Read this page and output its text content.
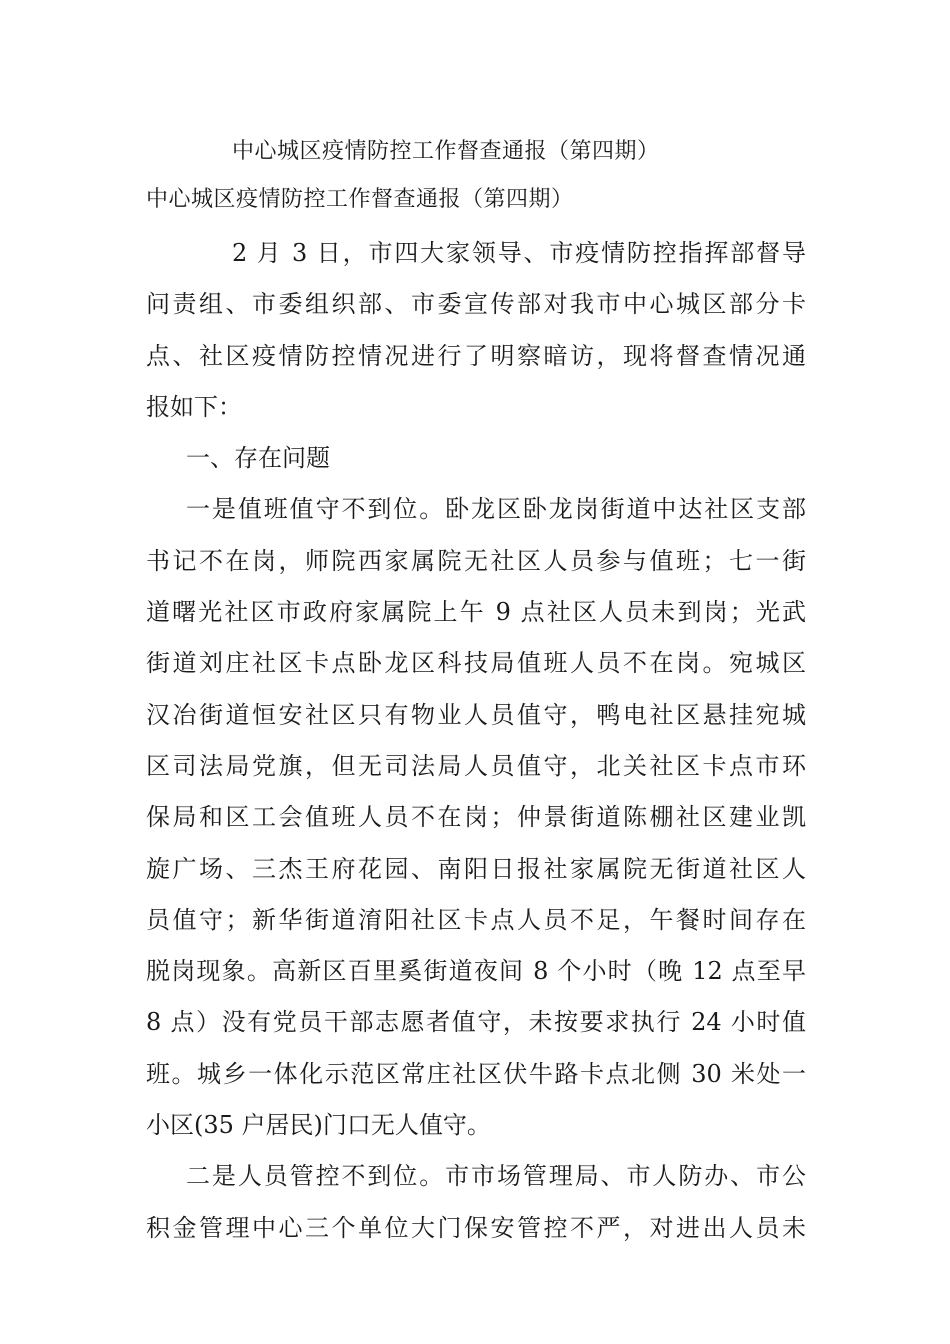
中心城区疫情防控工作督查通报（第四期）
中心城区疫情防控工作督查通报（第四期）
2 月 3 日，市四大家领导、市疫情防控指挥部督导
问责组、市委组织部、市委宣传部对我市中心城区部分卡
点、社区疫情防控情况进行了明察暗访，现将督查情况通
报如下：
一、存在问题
一是值班值守不到位。卧龙区卧龙岗街道中达社区支部
书记不在岗，师院西家属院无社区人员参与值班；七一街
道曙光社区市政府家属院上午 9 点社区人员未到岗；光武
街道刘庄社区卡点卧龙区科技局值班人员不在岗。宛城区
汉冶街道恒安社区只有物业人员值守，鸭电社区悬挂宛城
区司法局党旗，但无司法局人员值守，北关社区卡点市环
保局和区工会值班人员不在岗；仲景街道陈棚社区建业凯
旋广场、三杰王府花园、南阳日报社家属院无街道社区人
员值守；新华街道淯阳社区卡点人员不足，午餐时间存在
脱岗现象。高新区百里奚街道夜间 8 个小时（晚 12 点至早
8 点）没有党员干部志愿者值守，未按要求执行 24 小时值
班。城乡一体化示范区常庄社区伏牛路卡点北侧 30 米处一
小区(35 户居民)门口无人值守。
二是人员管控不到位。市市场管理局、市人防办、市公
积金管理中心三个单位大门保安管控不严，对进出人员未
